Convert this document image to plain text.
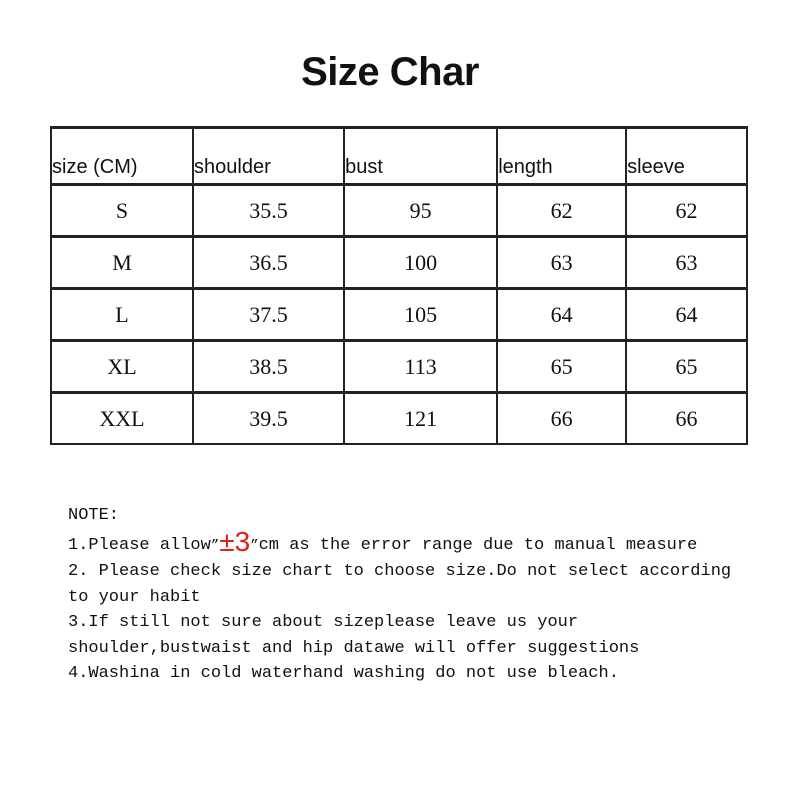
Size Char
size (CM)	shoulder	bust	length	sleeve
S	35.5	95	62	62
M	36.5	100	63	63
L	37.5	105	64	64
XL	38.5	113	65	65
XXL	39.5	121	66	66
NOTE:
1.Please allow”±3”cm as the error range due to manual measure
2. Please check size chart to choose size.Do not select according
to your habit
3.If still not sure about sizeplease leave us your
shoulder,bustwaist and hip datawe will offer suggestions
4.Washina in cold waterhand washing do not use bleach.
